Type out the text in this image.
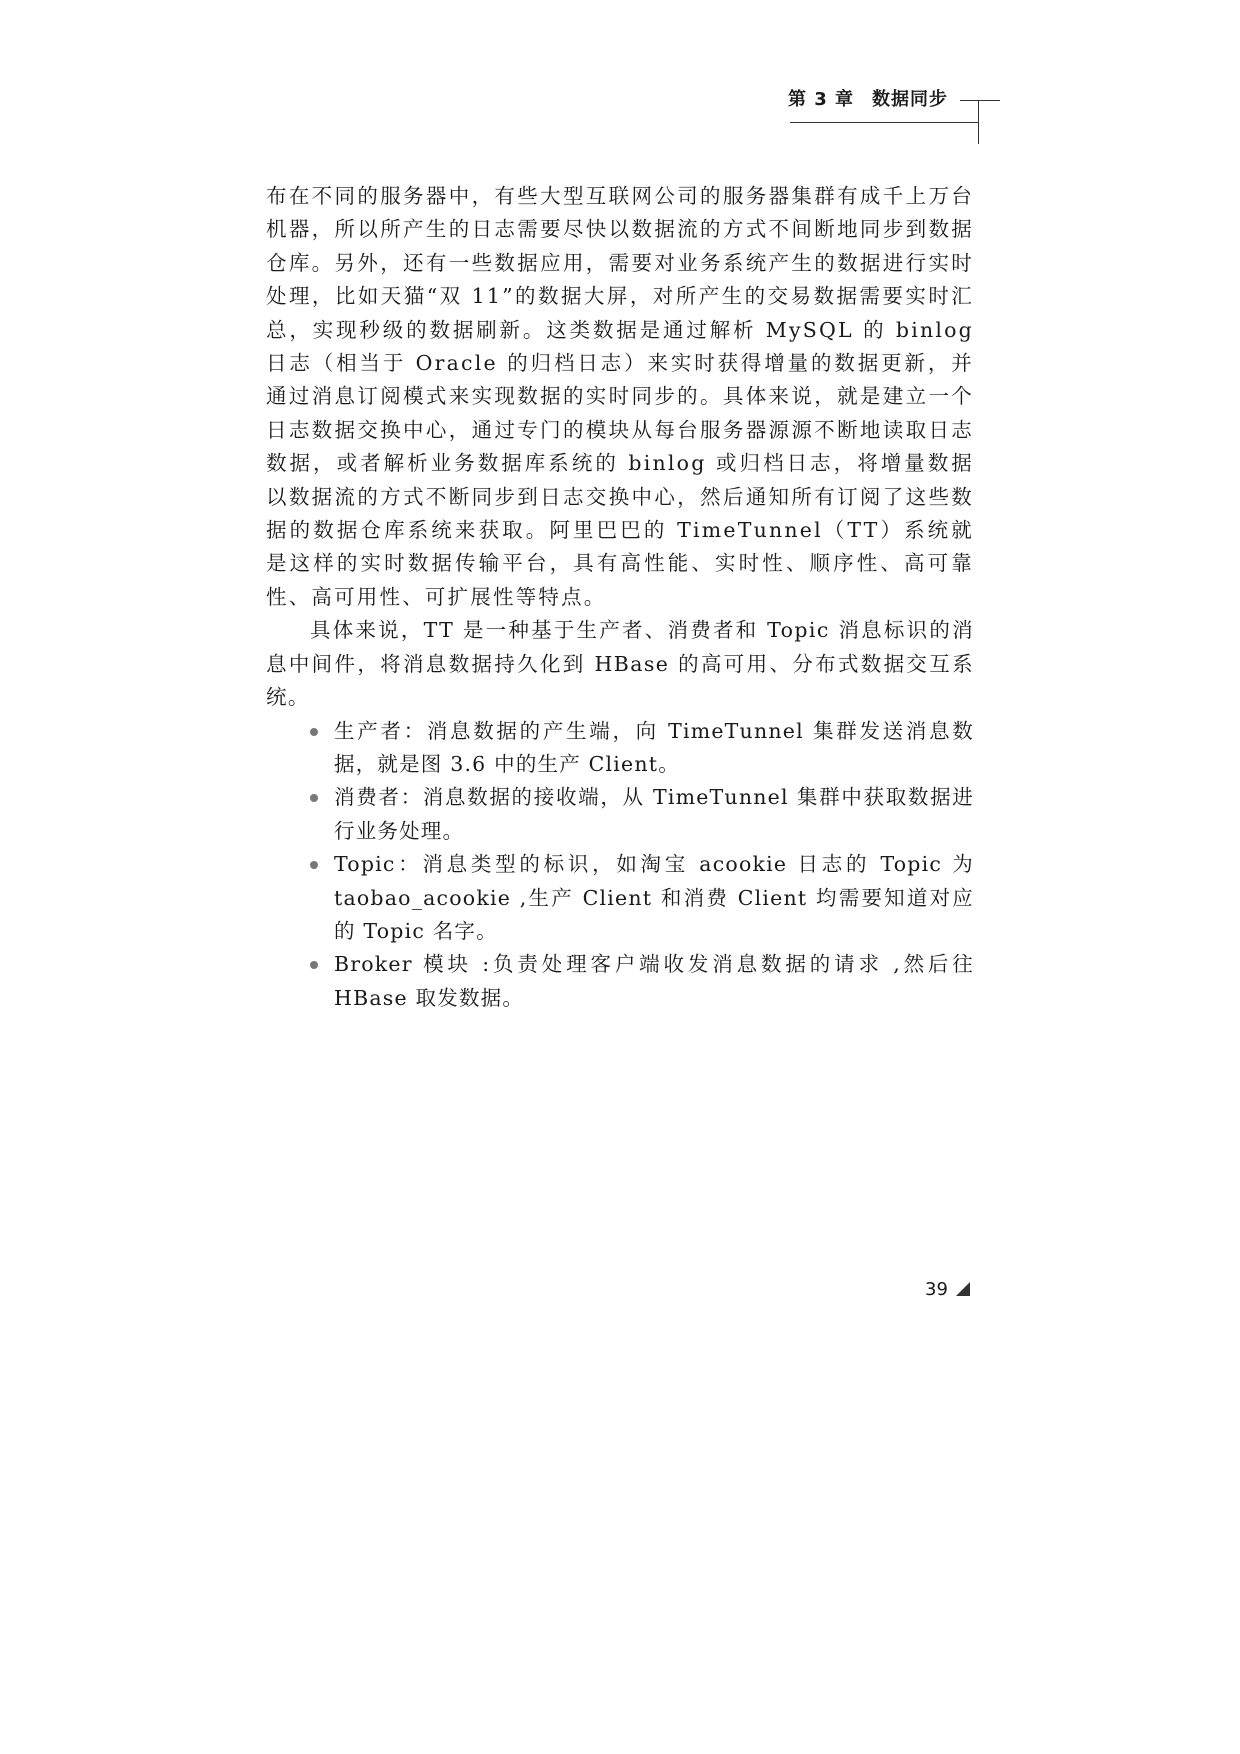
第 3 章 数据同步

布在不同的服务器中，有些大型互联网公司的服务器集群有成千上万台机器，所以所产生的日志需要尽快以数据流的方式不间断地同步到数据仓库。另外，还有一些数据应用，需要对业务系统产生的数据进行实时处理，比如天猫“双 11”的数据大屏，对所产生的交易数据需要实时汇总，实现秒级的数据刷新。这类数据是通过解析 MySQL 的 binlog 日志（相当于 Oracle 的归档日志）来实时获得增量的数据更新，并通过消息订阅模式来实现数据的实时同步的。具体来说，就是建立一个日志数据交换中心，通过专门的模块从每台服务器源源不断地读取日志数据，或者解析业务数据库系统的 binlog 或归档日志，将增量数据以数据流的方式不断同步到日志交换中心，然后通知所有订阅了这些数据的数据仓库系统来获取。阿里巴巴的 TimeTunnel（TT）系统就是这样的实时数据传输平台，具有高性能、实时性、顺序性、高可靠性、高可用性、可扩展性等特点。

具体来说，TT 是一种基于生产者、消费者和 Topic 消息标识的消息中间件，将消息数据持久化到 HBase 的高可用、分布式数据交互系统。

生产者：消息数据的产生端，向 TimeTunnel 集群发送消息数据，就是图 3.6 中的生产 Client。
消费者：消息数据的接收端，从 TimeTunnel 集群中获取数据进行业务处理。
Topic：消息类型的标识，如淘宝 acookie 日志的 Topic 为 taobao_acookie ,生产 Client 和消费 Client 均需要知道对应的 Topic 名字。
Broker 模块 :负责处理客户端收发消息数据的请求 ,然后往 HBase 取发数据。
39
